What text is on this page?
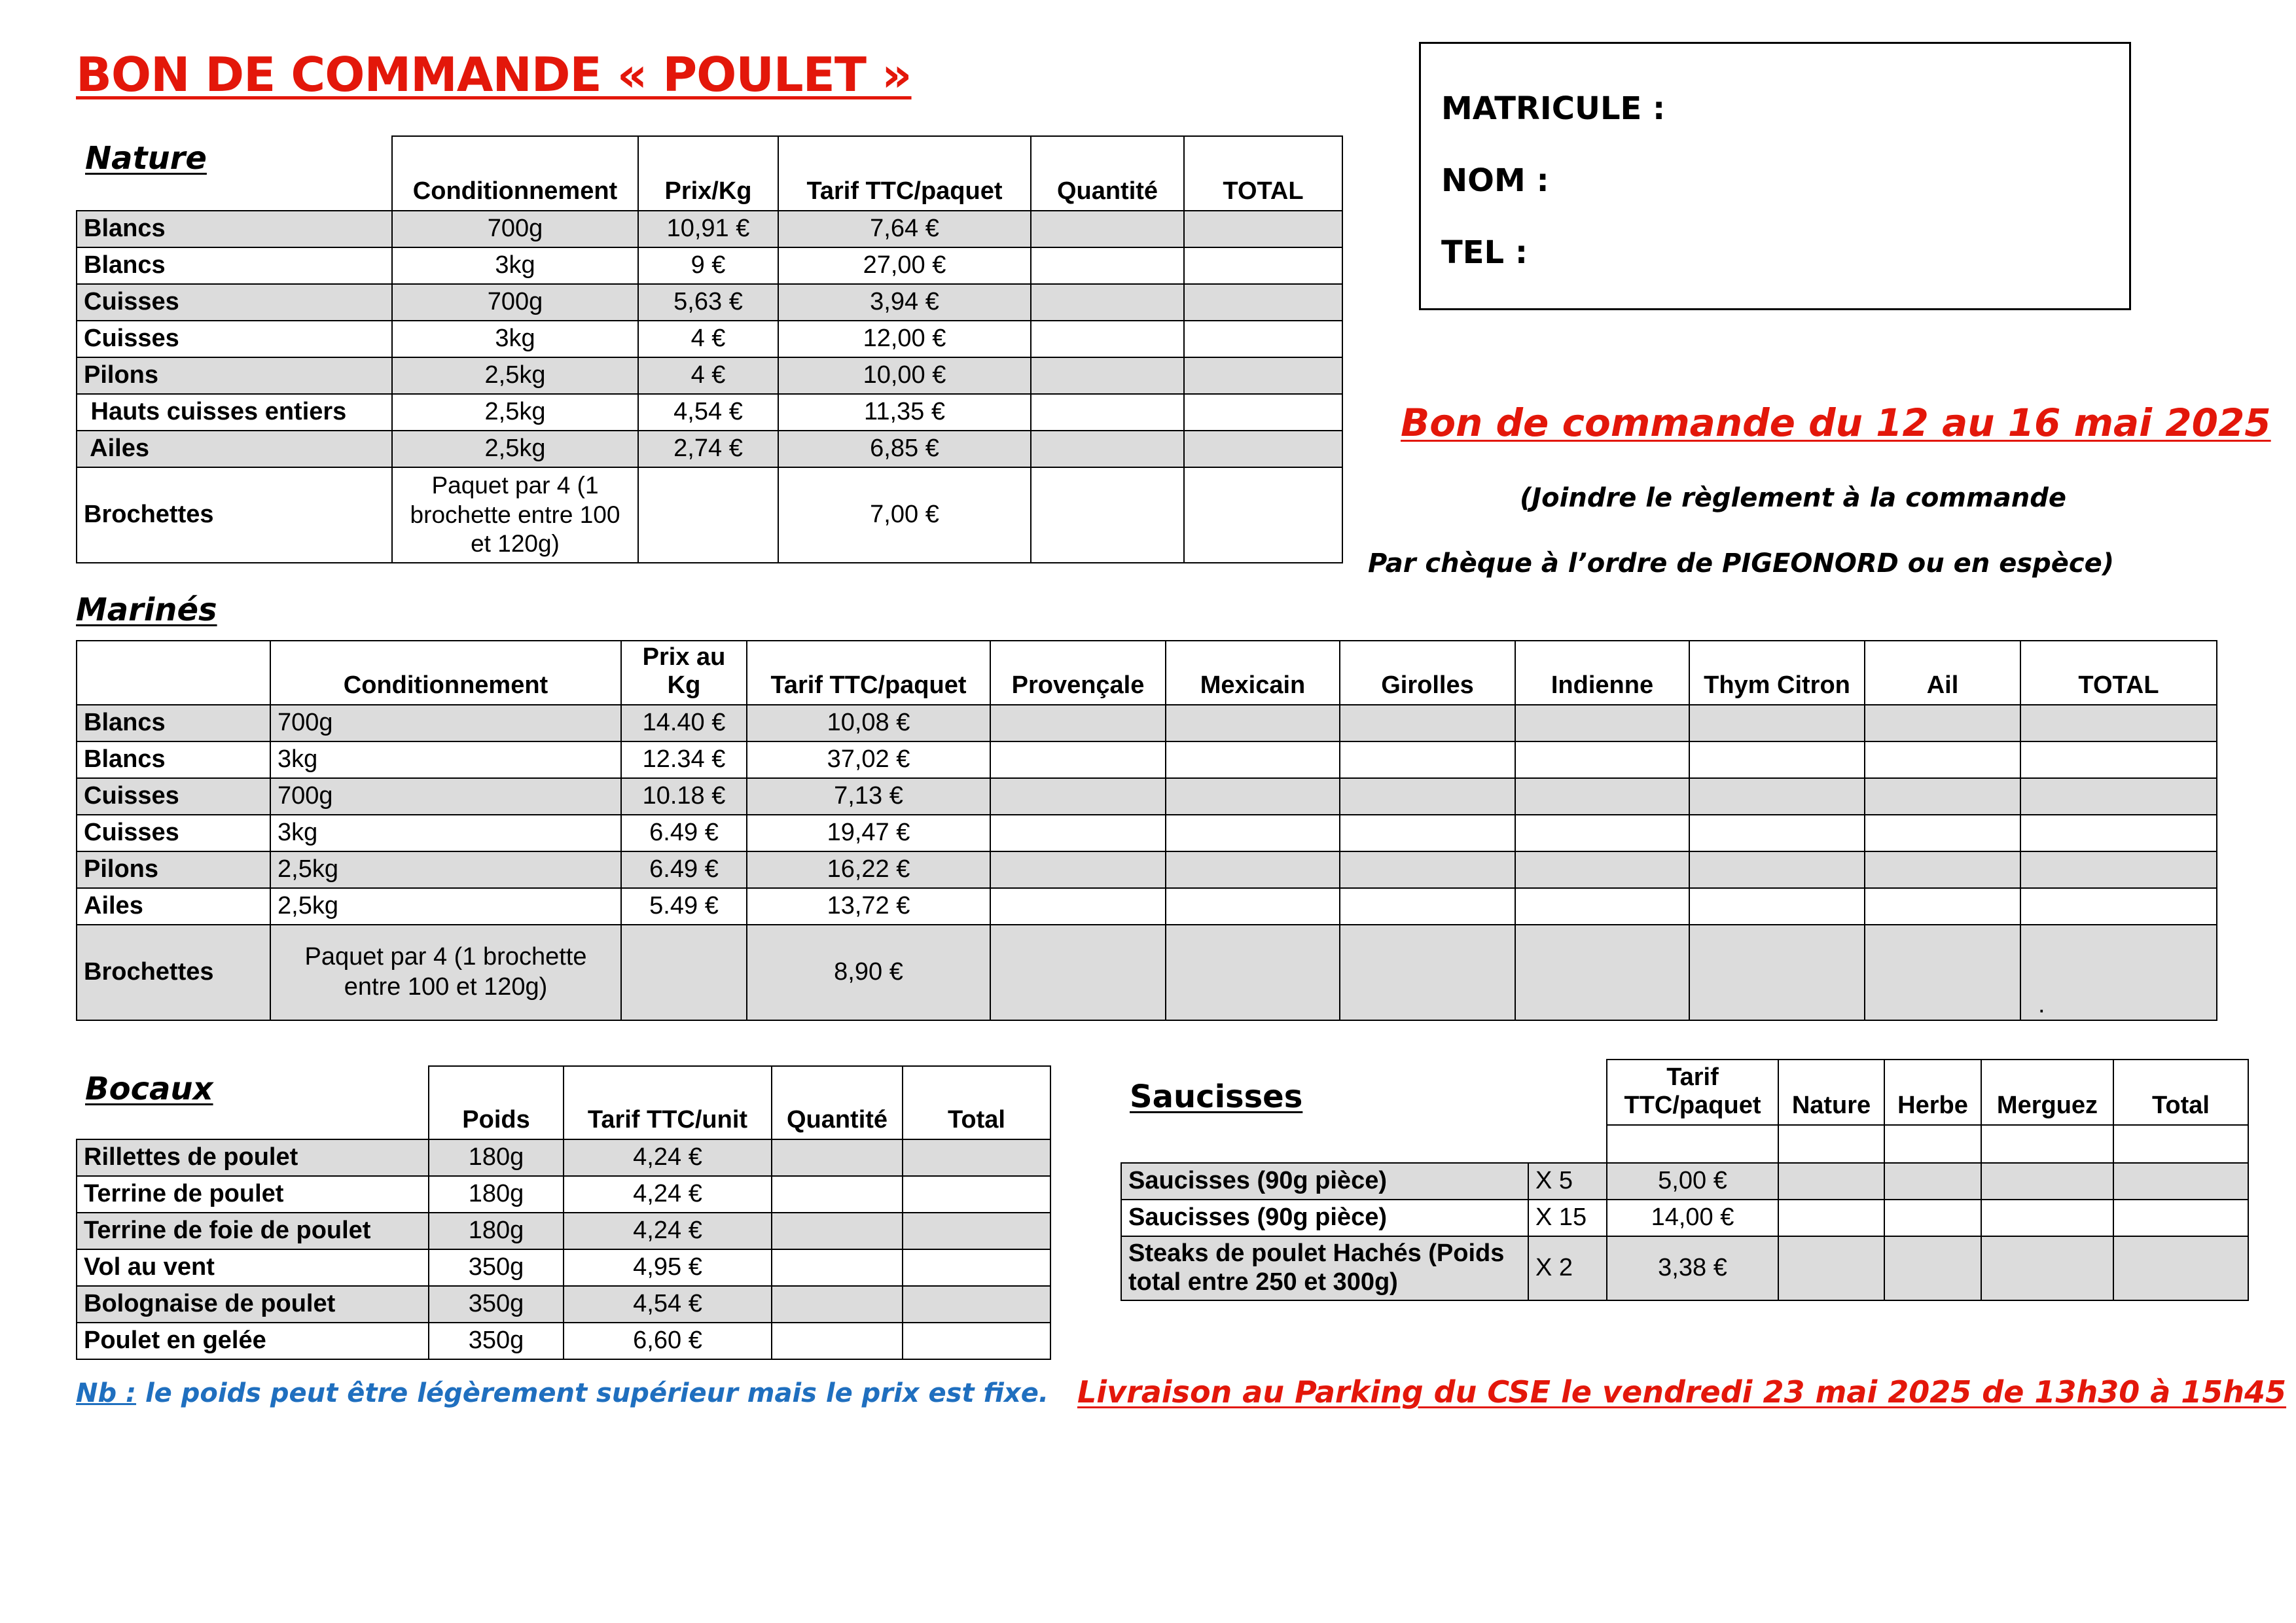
BON DE COMMANDE « POULET »
MATRICULE :
NOM :
TEL :
Bon de commande du 12 au 16 mai 2025
(Joindre le règlement à la commande
Par chèque à l’ordre de PIGEONORD ou en espèce)
Nature
	Conditionnement	Prix/Kg	Tarif TTC/paquet	Quantité	TOTAL
Blancs	700g	10,91 €	7,64 €		
Blancs	3kg	9 €	27,00 €		
Cuisses	700g	5,63 €	3,94 €		
Cuisses	3kg	4 €	12,00 €		
Pilons	2,5kg	4 €	10,00 €		
Hauts cuisses entiers	2,5kg	4,54 €	11,35 €		
Ailes	2,5kg	2,74 €	6,85 €		
Brochettes	Paquet par 4 (1 brochette entre 100 et 120g)		7,00 €		
Marinés
	Conditionnement	Prix au Kg	Tarif TTC/paquet	Provençale	Mexicain	Girolles	Indienne	Thym Citron	Ail	TOTAL
Blancs	700g	14.40 €	10,08 €							
Blancs	3kg	12.34 €	37,02 €							
Cuisses	700g	10.18 €	7,13 €							
Cuisses	3kg	6.49 €	19,47 €							
Pilons	2,5kg	6.49 €	16,22 €							
Ailes	2,5kg	5.49 €	13,72 €							
Brochettes	Paquet par 4 (1 brochette entre 100 et 120g)		8,90 €							.
Bocaux
	Poids	Tarif TTC/unit	Quantité	Total
Rillettes de poulet	180g	4,24 €		
Terrine de poulet	180g	4,24 €		
Terrine de foie de poulet	180g	4,24 €		
Vol au vent	350g	4,95 €		
Bolognaise de poulet	350g	4,54 €		
Poulet en gelée	350g	6,60 €		
Saucisses
		Tarif TTC/paquet	Nature	Herbe	Merguez	Total

Saucisses (90g pièce)	X 5	5,00 €				
Saucisses (90g pièce)	X 15	14,00 €				
Steaks de poulet Hachés (Poids total entre 250 et 300g)	X 2	3,38 €				
Nb : le poids peut être légèrement supérieur mais le prix est fixe. Livraison au Parking du CSE le vendredi 23 mai 2025 de 13h30 à 15h45
